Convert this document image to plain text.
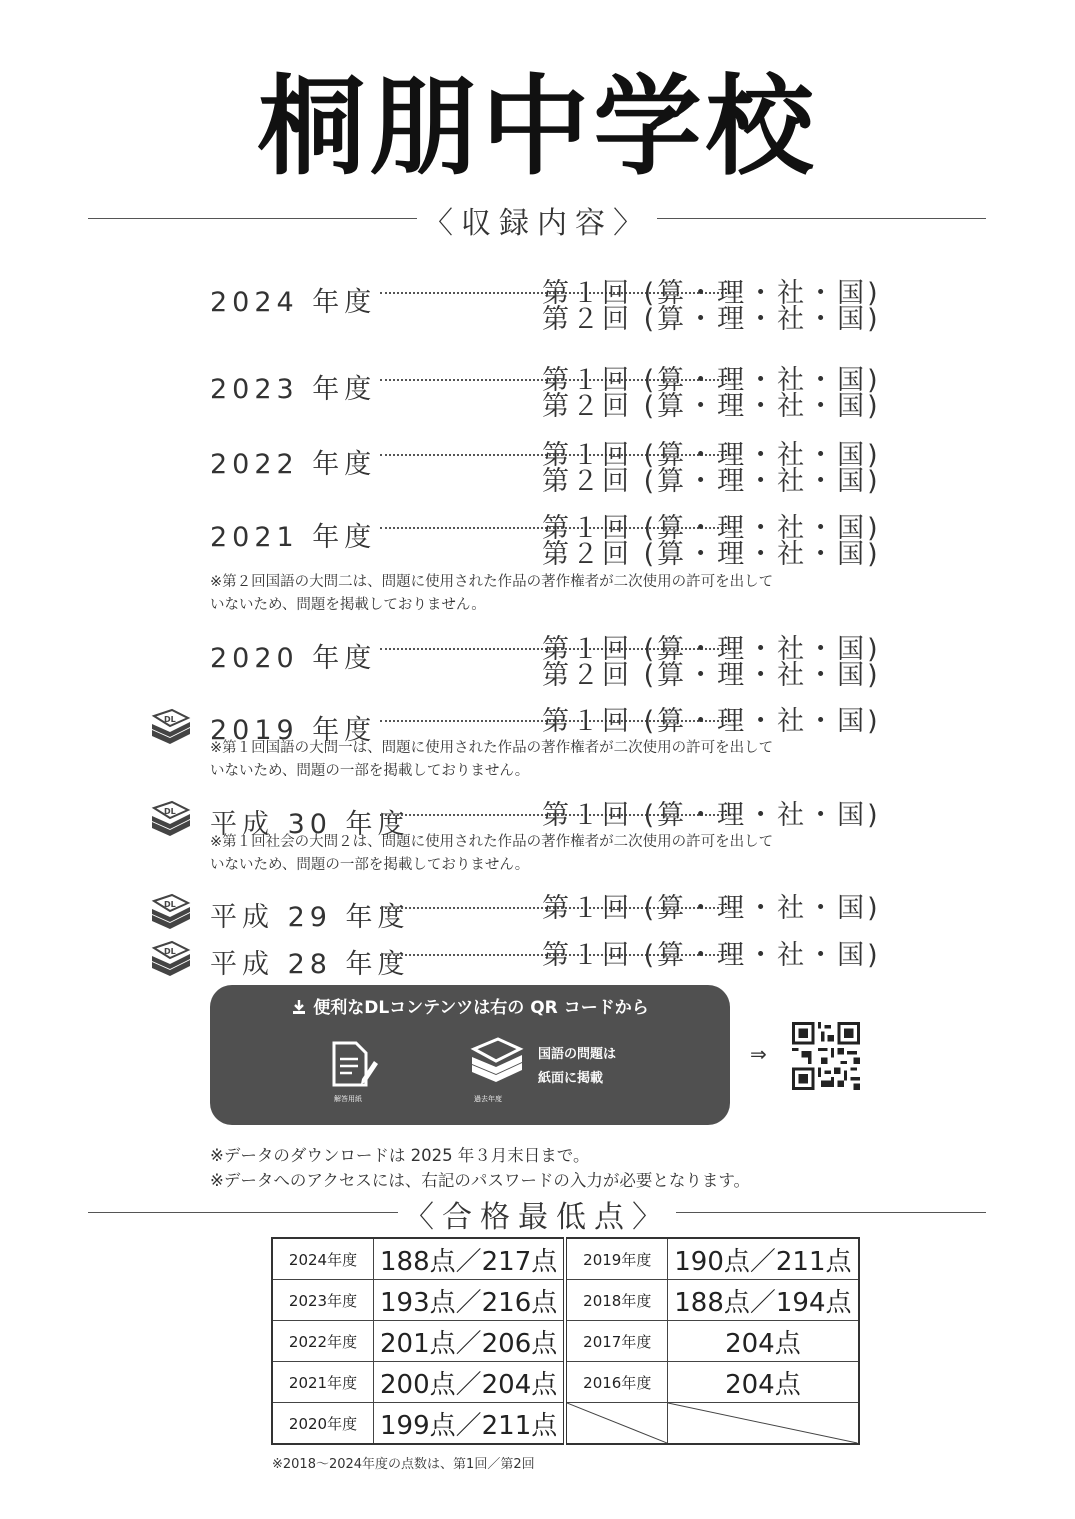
桐朋中学校
〈収録内容〉
2024 年度	第１回 (算・理・社・国)
第２回 (算・理・社・国)
2023 年度	第１回 (算・理・社・国)
第２回 (算・理・社・国)
2022 年度	第１回 (算・理・社・国)
第２回 (算・理・社・国)
2021 年度	第１回 (算・理・社・国)
第２回 (算・理・社・国)
※第２回国語の大問二は、問題に使用された作品の著作権者が二次使用の許可を出して
いないため、問題を掲載しておりません。
2020 年度	第１回 (算・理・社・国)
第２回 (算・理・社・国)
DL 2019 年度	第１回 (算・理・社・国)
※第１回国語の大問一は、問題に使用された作品の著作権者が二次使用の許可を出して
いないため、問題の一部を掲載しておりません。
DL 平成 30 年度	第１回 (算・理・社・国)
※第１回社会の大問２は、問題に使用された作品の著作権者が二次使用の許可を出して
いないため、問題の一部を掲載しておりません。
DL 平成 29 年度	第１回 (算・理・社・国)
DL 平成 28 年度	第１回 (算・理・社・国)
便利なDLコンテンツは右の QR コードから
解答用紙	過去年度
国語の問題は
紙面に掲載
⇒
※データのダウンロードは 2025 年３月末日まで。
※データへのアクセスには、右記のパスワードの入力が必要となります。
〈合格最低点〉
2024年度	188点／217点	2019年度	190点／211点
2023年度	193点／216点	2018年度	188点／194点
2022年度	201点／206点	2017年度	204点
2021年度	200点／204点	2016年度	204点
2020年度	199点／211点	

※2018～2024年度の点数は、第1回／第2回
